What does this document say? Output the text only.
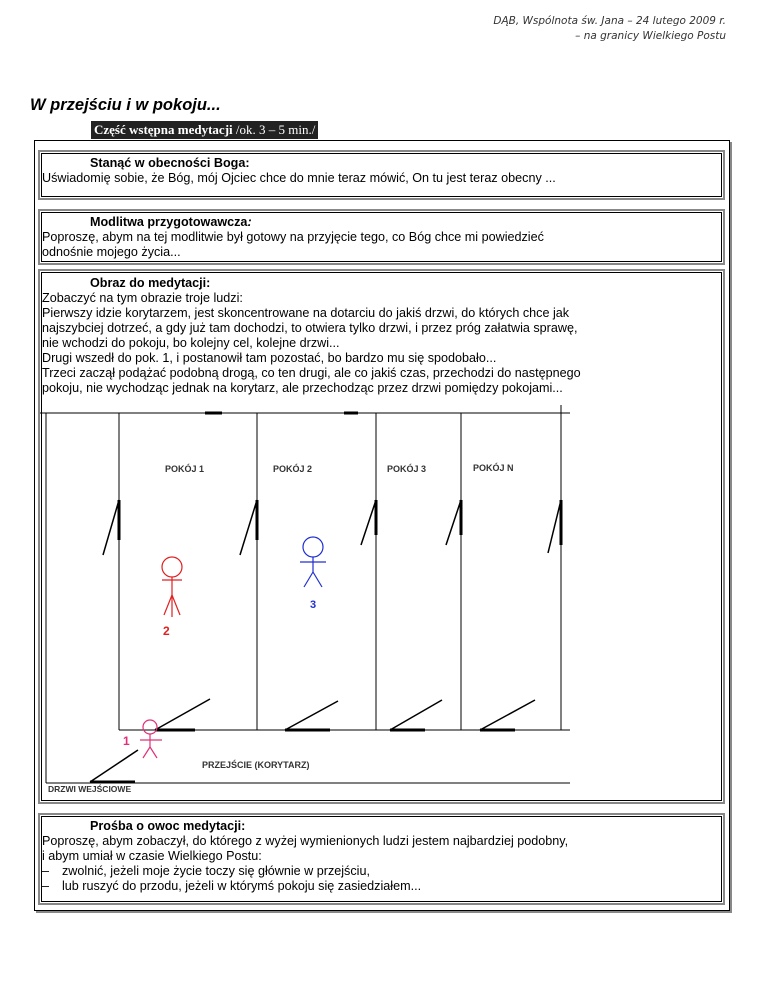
DĄB, Wspólnota św. Jana – 24 lutego 2009 r.
– na granicy Wielkiego Postu
W przejściu i w pokoju...
Część wstępna medytacji /ok. 3 – 5 min./
Stanąć w obecności Boga:
Uświadomię sobie, że Bóg, mój Ojciec chce do mnie teraz mówić, On tu jest teraz obecny ...
Modlitwa przygotowawcza:
Poproszę, abym na tej modlitwie był gotowy na przyjęcie tego, co Bóg chce mi powiedzieć
odnośnie mojego życia...
Obraz do medytacji:
Zobaczyć na tym obrazie troje ludzi:
Pierwszy idzie korytarzem, jest skoncentrowane na dotarciu do jakiś drzwi, do których chce jak
najszybciej dotrzeć, a gdy już tam dochodzi, to otwiera tylko drzwi, i przez próg załatwia sprawę,
nie wchodzi do pokoju, bo kolejny cel, kolejne drzwi...
Drugi wszedł do pok. 1, i postanowił tam pozostać, bo bardzo mu się spodobało...
Trzeci zaczął podążać podobną drogą, co ten drugi, ale co jakiś czas, przechodzi do następnego
pokoju, nie wychodząc jednak na korytarz, ale przechodząc przez drzwi pomiędzy pokojami...
POKÓJ 1	POKÓJ 2	POKÓJ 3	POKÓJ N
PRZEJŚCIE (KORYTARZ)
DRZWI WEJŚCIOWE
3
2
1
Prośba o owoc medytacji:
Poproszę, abym zobaczył, do którego z wyżej wymienionych ludzi jestem najbardziej podobny,
i abym umiał w czasie Wielkiego Postu:
– zwolnić, jeżeli moje życie toczy się głównie w przejściu,
– lub ruszyć do przodu, jeżeli w którymś pokoju się zasiedziałem...
